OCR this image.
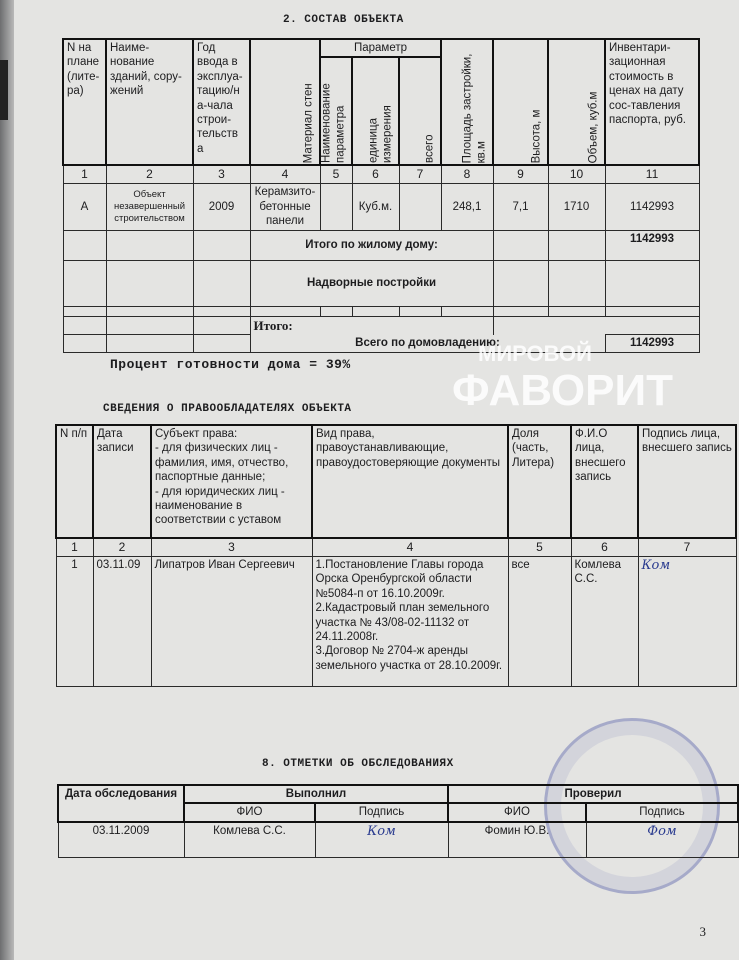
2. СОСТАВ ОБЪЕКТА
N на плане (лите-ра)	Наиме-нование зданий, сору-жений	Год ввода в эксплуа-тацию/н а-чала строи-тельств а	Материал стен	Параметр			Площадь застройки, кв.м	Высота, м	Объем, куб.м	Инвентари-зационная стоимость в ценах на дату сос-тавления паспорта, руб.
				Наименование параметра	единица измерения	всего				
1	2	3	4	5	6	7	8	9	10	11
А	Объект незавершенный строительством	2009	Керамзито-бетонные панели		Куб.м.		248,1	7,1	1710	1142993
			Итого по жилому дому:							1142993
			Надворные постройки							

			Итого:							
			Всего по домовладению:							1142993
Процент готовности дома = 39%	МИРОВОЙ
ФАВОРИТ
СВЕДЕНИЯ О ПРАВООБЛАДАТЕЛЯХ ОБЪЕКТА
N п/п	Дата записи	Субъект права:
- для физических лиц - фамилия, имя, отчество, паспортные данные;
- для юридических лиц - наименование в соответствии с уставом	Вид права, правоустанавливающие, правоудостоверяющие документы	Доля (часть, Литера)	Ф.И.О лица, внесшего запись	Подпись лица, внесшего запись
1	2	3	4	5	6	7
1	03.11.09	Липатров Иван Сергеевич	1.Постановление Главы города Орска Оренбургской области №5084-п от 16.10.2009г.
2.Кадастровый план земельного участка № 43/08-02-11132 от 24.11.2008г.
3.Договор № 2704-ж аренды земельного участка от 28.10.2009г.	все	Комлева С.С.	Ком
8. ОТМЕТКИ ОБ ОБСЛЕДОВАНИЯХ
Дата обследования	Выполнил		Проверил	
	ФИО	Подпись	ФИО	Подпись
03.11.2009	Комлева С.С.	Ком	Фомин Ю.В.	Фом
3
